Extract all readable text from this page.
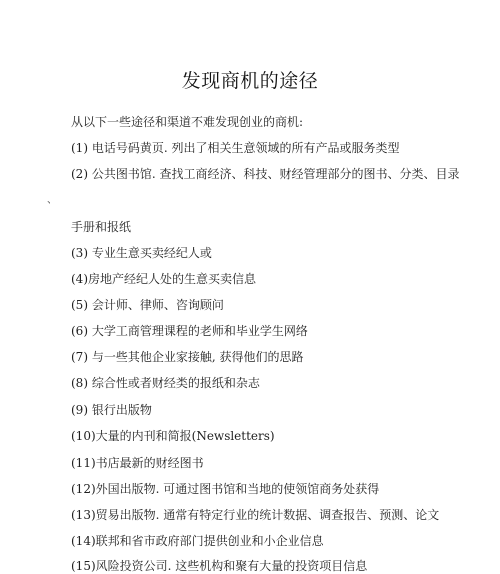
发现商机的途径
从以下一些途径和渠道不难发现创业的商机:
(1) 电话号码黄页. 列出了相关生意领域的所有产品或服务类型
(2) 公共图书馆. 查找工商经济、科技、财经管理部分的图书、分类、目录
、
手册和报纸
(3) 专业生意买卖经纪人或
(4)房地产经纪人处的生意买卖信息
(5) 会计师、律师、咨询顾问
(6) 大学工商管理课程的老师和毕业学生网络
(7) 与一些其他企业家接触, 获得他们的思路
(8) 综合性或者财经类的报纸和杂志
(9) 银行出版物
(10)大量的内刊和简报(Newsletters)
(11)书店最新的财经图书
(12)外国出版物. 可通过图书馆和当地的使领馆商务处获得
(13)贸易出版物. 通常有特定行业的统计数据、调查报告、预测、论文
(14)联邦和省市政府部门提供创业和小企业信息
(15)风险投资公司. 这些机构和聚有大量的投资项目信息
